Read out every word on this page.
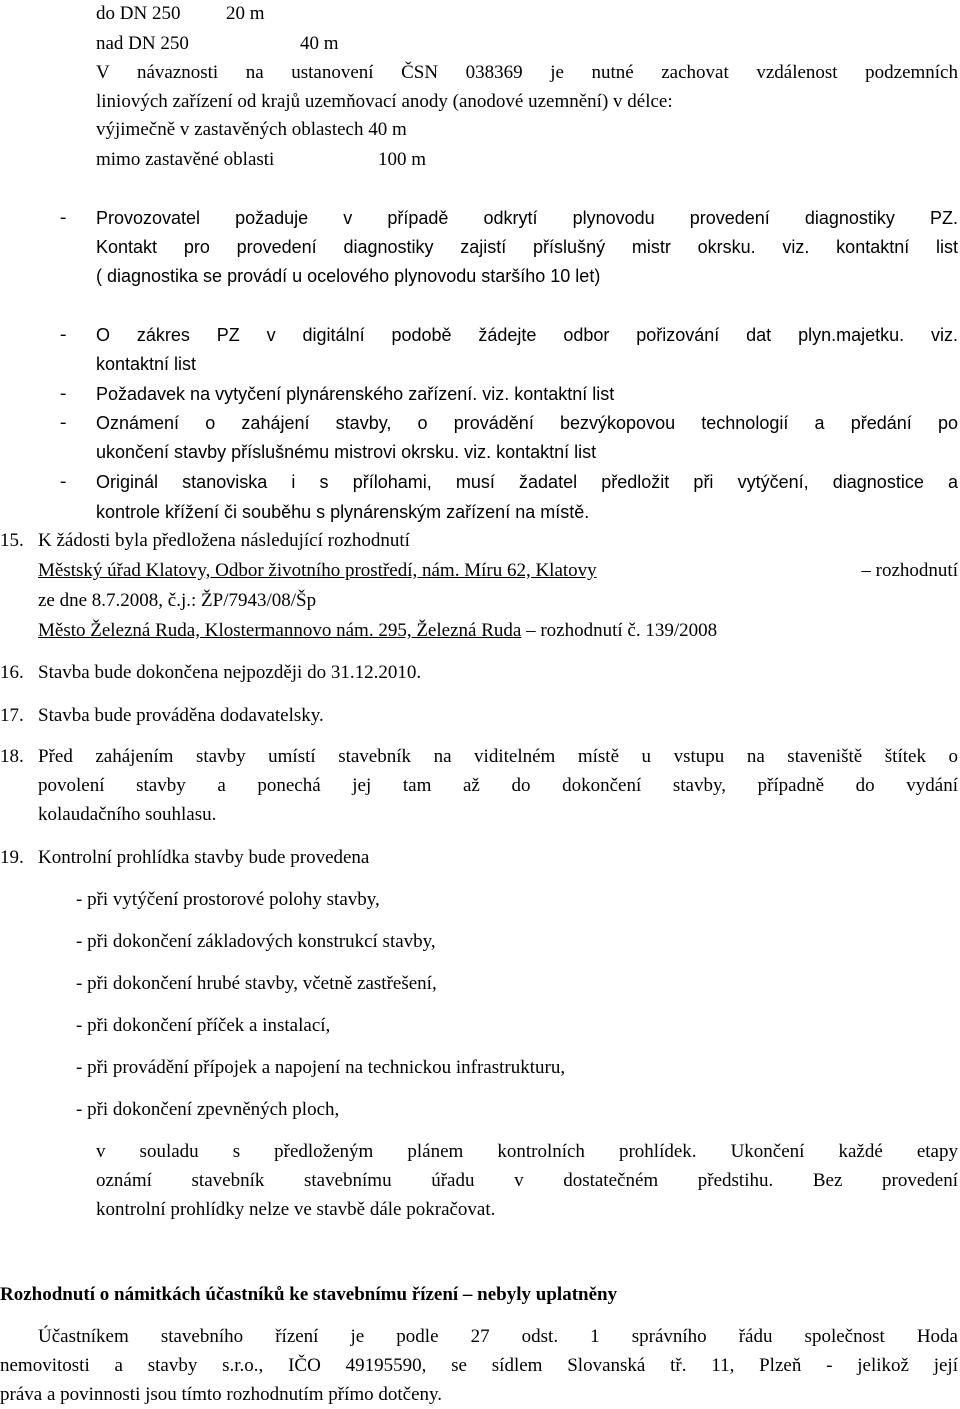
do DN 250 20 m
nad DN 250	40 m
V návaznosti na ustanovení ČSN 038369 je nutné zachovat vzdálenost podzemních
liniových zařízení od krajů uzemňovací anody (anodové uzemnění) v délce:
výjimečně v zastavěných oblastech 40 m
mimo zastavěné oblasti	100 m
- Provozovatel požaduje v případě odkrytí plynovodu provedení diagnostiky PZ.
Kontakt pro provedení diagnostiky zajistí příslušný mistr okrsku. viz. kontaktní list
( diagnostika se provádí u ocelového plynovodu staršího 10 let)
- O zákres PZ v digitální podobě žádejte odbor pořizování dat plyn.majetku. viz.
kontaktní list
- Požadavek na vytyčení plynárenského zařízení. viz. kontaktní list
- Oznámení o zahájení stavby, o provádění bezvýkopovou technologií a předání po
ukončení stavby příslušnému mistrovi okrsku. viz. kontaktní list
- Originál stanoviska i s přílohami, musí žadatel předložit při vytýčení, diagnostice a
kontrole křížení či souběhu s plynárenským zařízení na místě.
15. K žádosti byla předložena následující rozhodnutí
Městský úřad Klatovy, Odbor životního prostředí, nám. Míru 62, Klatovy	– rozhodnutí
ze dne 8.7.2008, č.j.: ŽP/7943/08/Šp
Město Železná Ruda, Klostermannovo nám. 295, Železná Ruda – rozhodnutí č. 139/2008
16. Stavba bude dokončena nejpozději do 31.12.2010.
17. Stavba bude prováděna dodavatelsky.
18. Před zahájením stavby umístí stavebník na viditelném místě u vstupu na staveniště štítek o
povolení stavby a ponechá jej tam až do dokončení stavby, případně do vydání
kolaudačního souhlasu.
19. Kontrolní prohlídka stavby bude provedena
- při vytýčení prostorové polohy stavby,
- při dokončení základových konstrukcí stavby,
- při dokončení hrubé stavby, včetně zastřešení,
- při dokončení příček a instalací,
- při provádění přípojek a napojení na technickou infrastrukturu,
- při dokončení zpevněných ploch,
v souladu s předloženým plánem kontrolních prohlídek. Ukončení každé etapy
oznámí stavebník stavebnímu úřadu v dostatečném předstihu. Bez provedení
kontrolní prohlídky nelze ve stavbě dále pokračovat.
Rozhodnutí o námitkách účastníků ke stavebnímu řízení – nebyly uplatněny
Účastníkem stavebního řízení je podle 27 odst. 1 správního řádu společnost Hoda
nemovitosti a stavby s.r.o., IČO 49195590, se sídlem Slovanská tř. 11, Plzeň - jelikož její
práva a povinnosti jsou tímto rozhodnutím přímo dotčeny.
